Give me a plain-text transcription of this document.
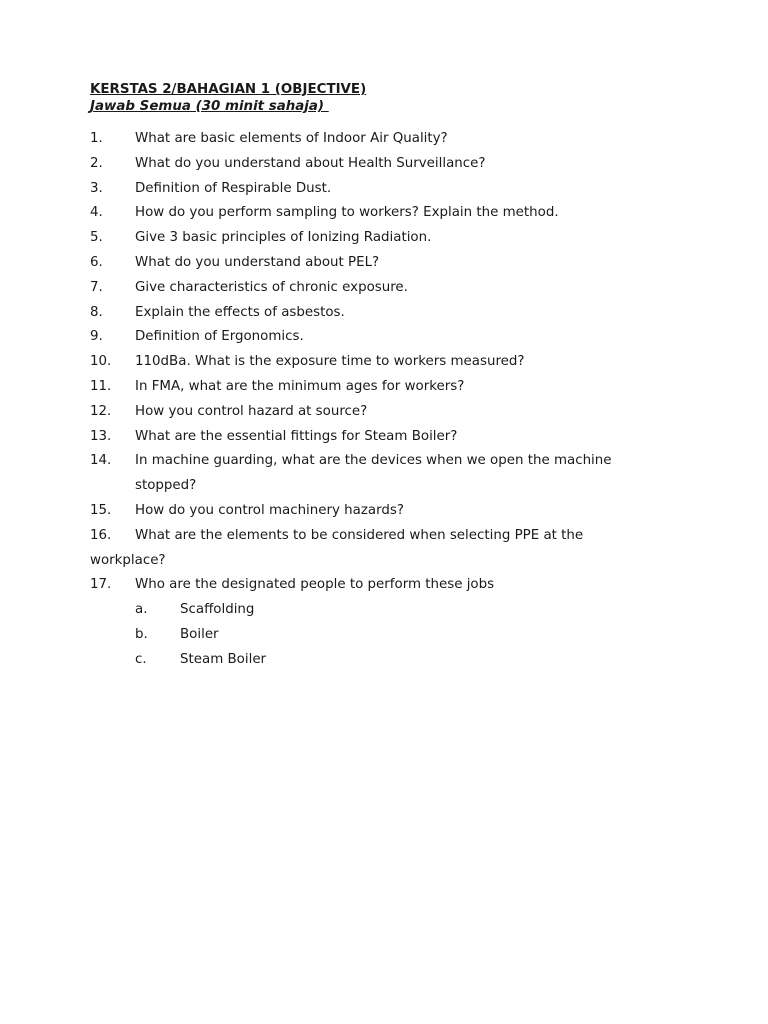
KERSTAS 2/BAHAGIAN 1 (OBJECTIVE)
Jawab Semua (30 minit sahaja)
1. What are basic elements of Indoor Air Quality?
2. What do you understand about Health Surveillance?
3. Definition of Respirable Dust.
4. How do you perform sampling to workers? Explain the method.
5. Give 3 basic principles of Ionizing Radiation.
6. What do you understand about PEL?
7. Give characteristics of chronic exposure.
8. Explain the effects of asbestos.
9. Definition of Ergonomics.
10. 110dBa. What is the exposure time to workers measured?
11. In FMA, what are the minimum ages for workers?
12. How you control hazard at source?
13. What are the essential fittings for Steam Boiler?
14. In machine guarding, what are the devices when we open the machine
stopped?
15. How do you control machinery hazards?
16. What are the elements to be considered when selecting PPE at the
workplace?
17. Who are the designated people to perform these jobs
a. Scaffolding
b. Boiler
c. Steam Boiler
